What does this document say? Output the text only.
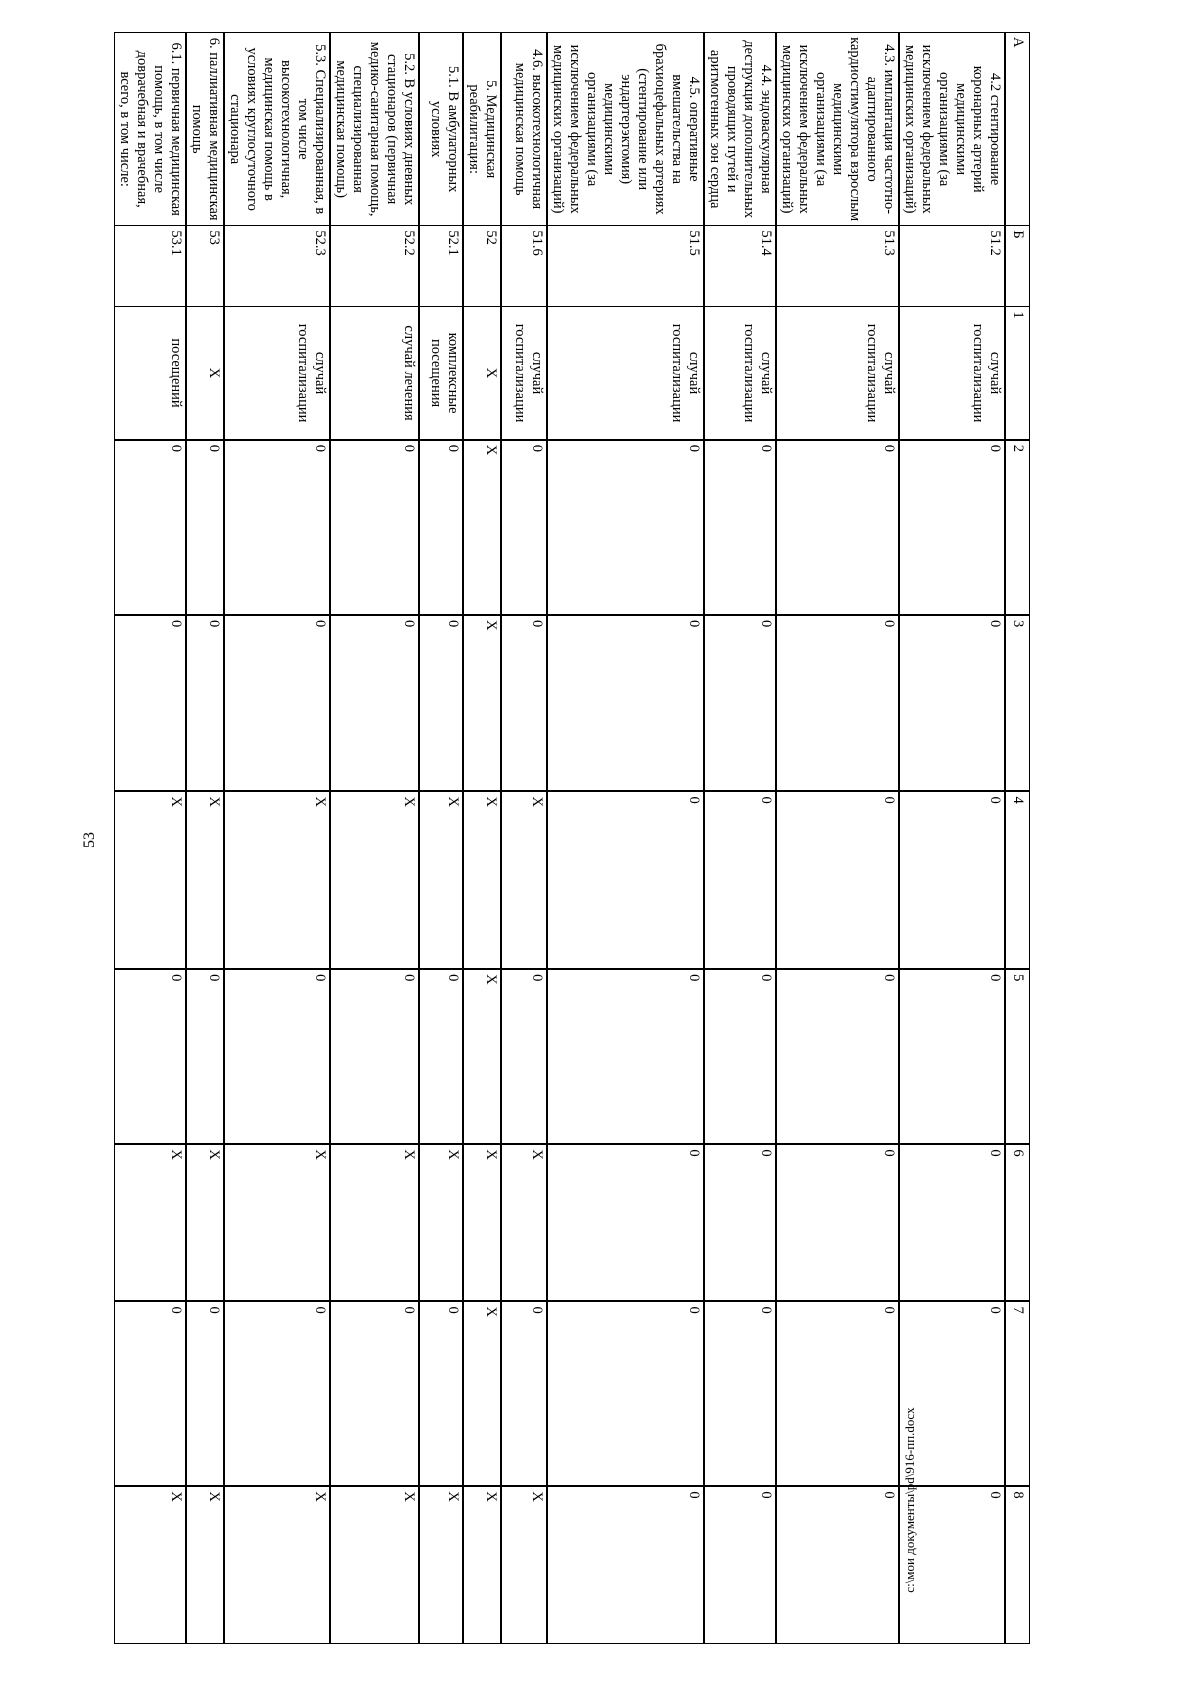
53
А	Б	1	2	3	4	5	6	7	8
4.2 стентирование коронарных артерий медицинскими организациями (за исключением федеральных медицинских организаций)	51.2	случай госпитализации	0	0	0	0	0	0	0
4.3. имплантация частотно-адаптированного кардиостимулятора взрослым медицинскими организациями (за исключением федеральных медицинских организаций)	51.3	случай госпитализации	0	0	0	0	0	0	0
4.4. эндоваскулярная деструкция дополнительных проводящих путей и аритмогенных зон сердца	51.4	случай госпитализации	0	0	0	0	0	0	0
4.5. оперативные вмешательства на брахиоцефальных артериях (стентирование или эндартерэктомия) медицинскими организациями (за исключением федеральных медицинских организаций)	51.5	случай госпитализации	0	0	0	0	0	0	0
4.6. высокотехнологичная медицинская помощь	51.6	случай госпитализации	0	0	Х	0	Х	0	Х
5. Медицинская реабилитация:	52	Х	Х	Х	Х	Х	Х	Х	Х
5.1. В амбулаторных условиях	52.1	комплексные посещения	0	0	Х	0	Х	0	Х
5.2. В условиях дневных стационаров (первичная медико-санитарная помощь, специализированная медицинская помощь)	52.2	случай лечения	0	0	Х	0	Х	0	Х
5.3. Специализированная, в том числе высокотехнологичная, медицинская помощь в условиях круглосуточного стационара	52.3	случай госпитализации	0	0	Х	0	Х	0	Х
6. паллиативная медицинская помощь	53	Х	0	0	Х	0	Х	0	Х
6.1. первичная медицинская помощь, в том числе доврачебная и врачебная, всего, в том числе:	53.1	посещений	0	0	Х	0	Х	0	Х	c:\мои документы\pd\916-пп.docx
